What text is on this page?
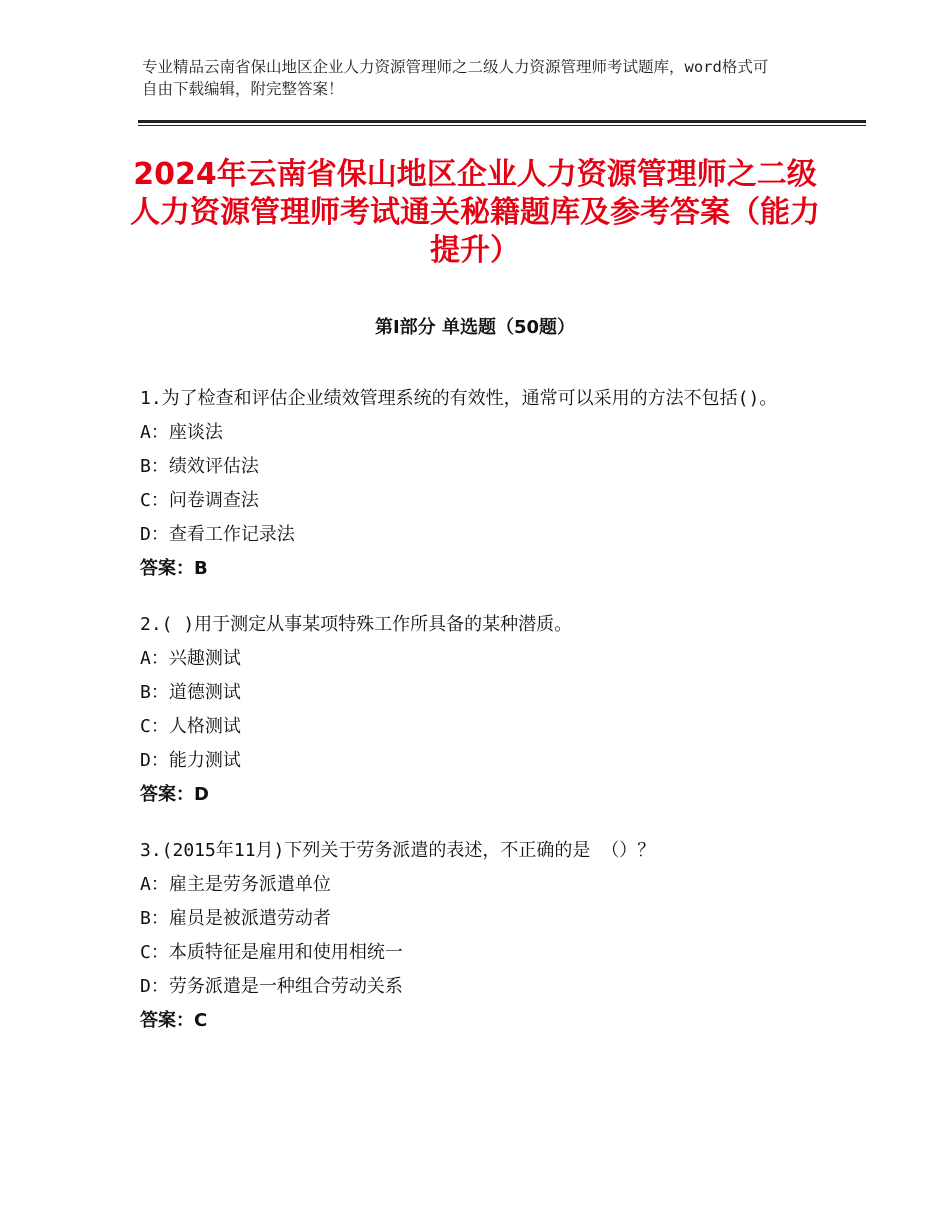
专业精品云南省保山地区企业人力资源管理师之二级人力资源管理师考试题库，word格式可自由下载编辑，附完整答案！
2024年云南省保山地区企业人力资源管理师之二级人力资源管理师考试通关秘籍题库及参考答案（能力提升）
第Ⅰ部分 单选题（50题）

1.为了检查和评估企业绩效管理系统的有效性，通常可以采用的方法不包括()。

A：座谈法

B：绩效评估法

C：问卷调查法

D：查看工作记录法

答案：B

2.( )用于测定从事某项特殊工作所具备的某种潜质。

A：兴趣测试

B：道德测试

C：人格测试

D：能力测试

答案：D

3.(2015年11月)下列关于劳务派遣的表述，不正确的是 （）？

A：雇主是劳务派遣单位

B：雇员是被派遣劳动者

C：本质特征是雇用和使用相统一

D：劳务派遣是一种组合劳动关系

答案：C
